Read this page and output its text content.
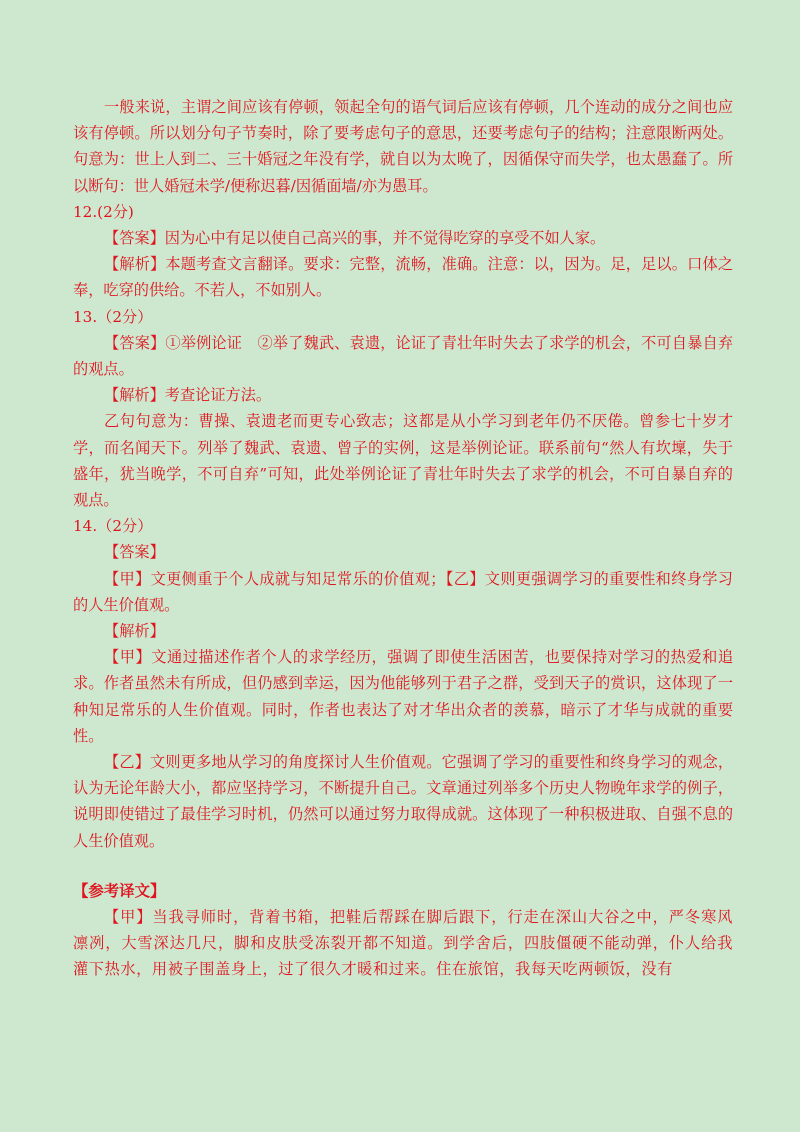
一般来说，主谓之间应该有停顿，领起全句的语气词后应该有停顿，几个连动的成分之间也应该有停顿。所以划分句子节奏时，除了要考虑句子的意思，还要考虑句子的结构；注意限断两处。句意为：世上人到二、三十婚冠之年没有学，就自以为太晚了，因循保守而失学，也太愚蠢了。所以断句：世人婚冠未学/便称迟暮/因循面墙/亦为愚耳。

12.(2分)

【答案】因为心中有足以使自己高兴的事，并不觉得吃穿的享受不如人家。

【解析】本题考查文言翻译。要求：完整，流畅，准确。注意：以，因为。足，足以。口体之奉，吃穿的供给。不若人，不如别人。

13.（2分）

【答案】①举例论证　②举了魏武、袁遗，论证了青壮年时失去了求学的机会，不可自暴自弃的观点。

【解析】考查论证方法。

乙句句意为：曹操、袁遗老而更专心致志；这都是从小学习到老年仍不厌倦。曾参七十岁才学，而名闻天下。列举了魏武、袁遗、曾子的实例，这是举例论证。联系前句“然人有坎壈，失于盛年，犹当晚学，不可自弃”可知，此处举例论证了青壮年时失去了求学的机会，不可自暴自弃的观点。

14.（2分）

【答案】

【甲】文更侧重于个人成就与知足常乐的价值观；【乙】文则更强调学习的重要性和终身学习的人生价值观。

【解析】

【甲】文通过描述作者个人的求学经历，强调了即使生活困苦，也要保持对学习的热爱和追求。作者虽然未有所成，但仍感到幸运，因为他能够列于君子之群，受到天子的赏识，这体现了一种知足常乐的人生价值观。同时，作者也表达了对才华出众者的羡慕，暗示了才华与成就的重要性。

【乙】文则更多地从学习的角度探讨人生价值观。它强调了学习的重要性和终身学习的观念，认为无论年龄大小，都应坚持学习，不断提升自己。文章通过列举多个历史人物晚年求学的例子，说明即使错过了最佳学习时机，仍然可以通过努力取得成就。这体现了一种积极进取、自强不息的人生价值观。

【参考译文】

【甲】当我寻师时，背着书箱，把鞋后帮踩在脚后跟下，行走在深山大谷之中，严冬寒风凛冽，大雪深达几尺，脚和皮肤受冻裂开都不知道。到学舍后，四肢僵硬不能动弹，仆人给我灌下热水，用被子围盖身上，过了很久才暖和过来。住在旅馆，我每天吃两顿饭，没有
